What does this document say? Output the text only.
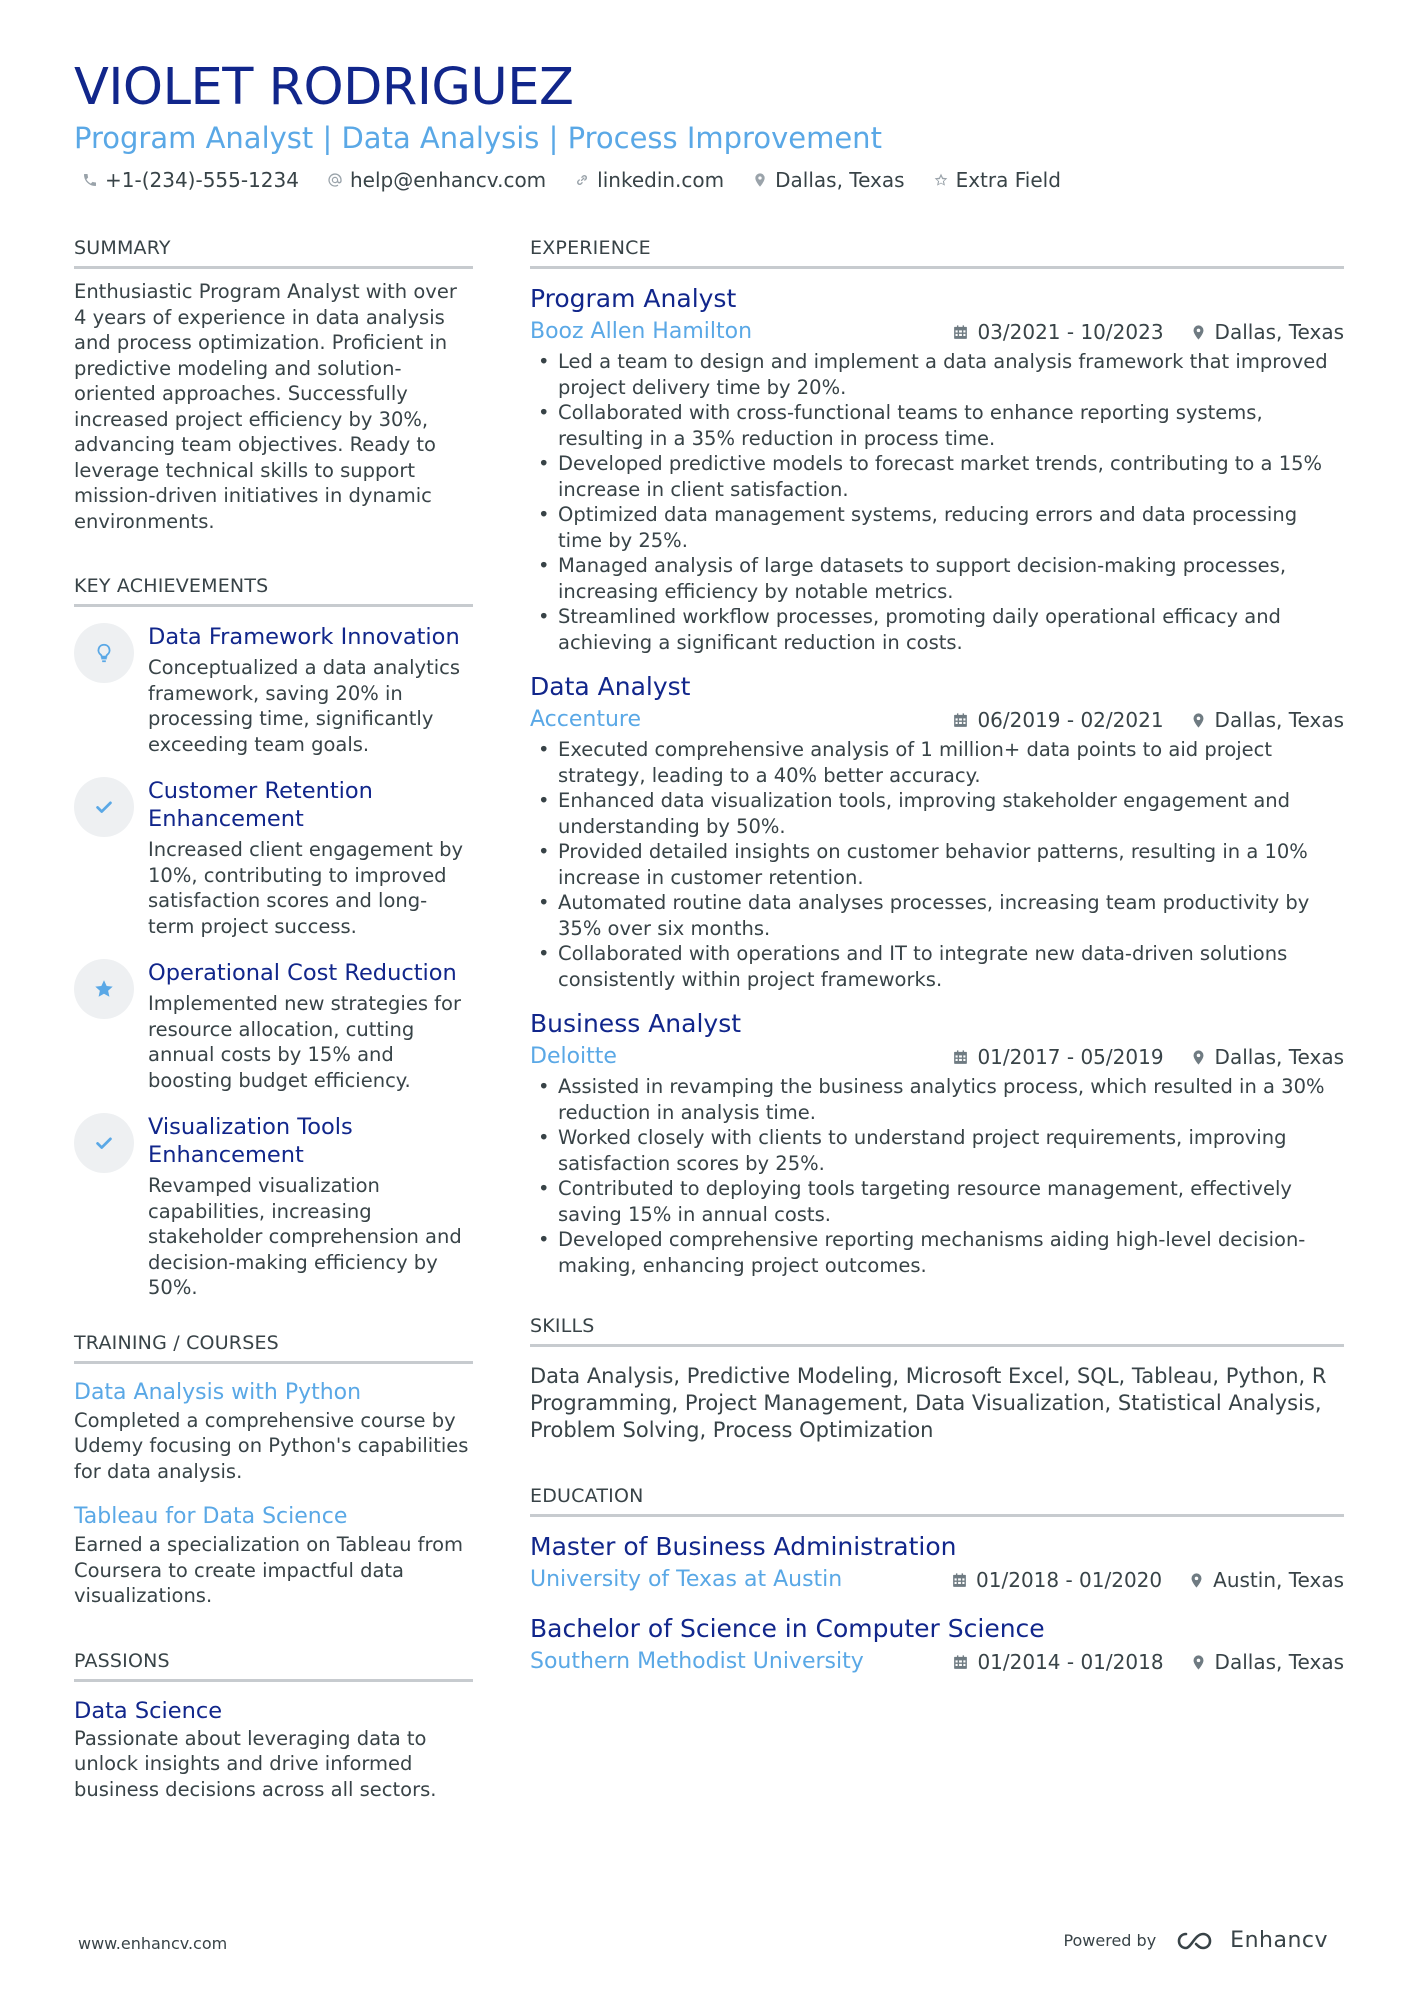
VIOLET RODRIGUEZ
Program Analyst | Data Analysis | Process Improvement
+1-(234)-555-1234	help@enhancv.com	linkedin.com	Dallas, Texas	Extra Field
SUMMARY
Enthusiastic Program Analyst with over 4 years of experience in data analysis and process optimization. Proficient in predictive modeling and solution-oriented approaches. Successfully increased project efficiency by 30%, advancing team objectives. Ready to leverage technical skills to support mission-driven initiatives in dynamic environments.
KEY ACHIEVEMENTS
Data Framework Innovation
Conceptualized a data analytics framework, saving 20% in processing time, significantly exceeding team goals.
Customer Retention Enhancement
Increased client engagement by 10%, contributing to improved satisfaction scores and long-term project success.
Operational Cost Reduction
Implemented new strategies for resource allocation, cutting annual costs by 15% and boosting budget efficiency.
Visualization Tools Enhancement
Revamped visualization capabilities, increasing stakeholder comprehension and decision-making efficiency by 50%.
TRAINING / COURSES
Data Analysis with Python
Completed a comprehensive course by Udemy focusing on Python's capabilities for data analysis.
Tableau for Data Science
Earned a specialization on Tableau from Coursera to create impactful data visualizations.
PASSIONS
Data Science
Passionate about leveraging data to unlock insights and drive informed business decisions across all sectors.
EXPERIENCE
Program Analyst
Booz Allen Hamilton	03/2021 - 10/2023	Dallas, Texas
• Led a team to design and implement a data analysis framework that improved project delivery time by 20%.
• Collaborated with cross-functional teams to enhance reporting systems, resulting in a 35% reduction in process time.
• Developed predictive models to forecast market trends, contributing to a 15% increase in client satisfaction.
• Optimized data management systems, reducing errors and data processing time by 25%.
• Managed analysis of large datasets to support decision-making processes, increasing efficiency by notable metrics.
• Streamlined workflow processes, promoting daily operational efficacy and achieving a significant reduction in costs.
Data Analyst
Accenture	06/2019 - 02/2021	Dallas, Texas
• Executed comprehensive analysis of 1 million+ data points to aid project strategy, leading to a 40% better accuracy.
• Enhanced data visualization tools, improving stakeholder engagement and understanding by 50%.
• Provided detailed insights on customer behavior patterns, resulting in a 10% increase in customer retention.
• Automated routine data analyses processes, increasing team productivity by 35% over six months.
• Collaborated with operations and IT to integrate new data-driven solutions consistently within project frameworks.
Business Analyst
Deloitte	01/2017 - 05/2019	Dallas, Texas
• Assisted in revamping the business analytics process, which resulted in a 30% reduction in analysis time.
• Worked closely with clients to understand project requirements, improving satisfaction scores by 25%.
• Contributed to deploying tools targeting resource management, effectively saving 15% in annual costs.
• Developed comprehensive reporting mechanisms aiding high-level decision-making, enhancing project outcomes.
SKILLS
Data Analysis, Predictive Modeling, Microsoft Excel, SQL, Tableau, Python, R Programming, Project Management, Data Visualization, Statistical Analysis, Problem Solving, Process Optimization
EDUCATION
Master of Business Administration
University of Texas at Austin	01/2018 - 01/2020	Austin, Texas
Bachelor of Science in Computer Science
Southern Methodist University	01/2014 - 01/2018	Dallas, Texas
www.enhancv.com	Powered by	Enhancv
